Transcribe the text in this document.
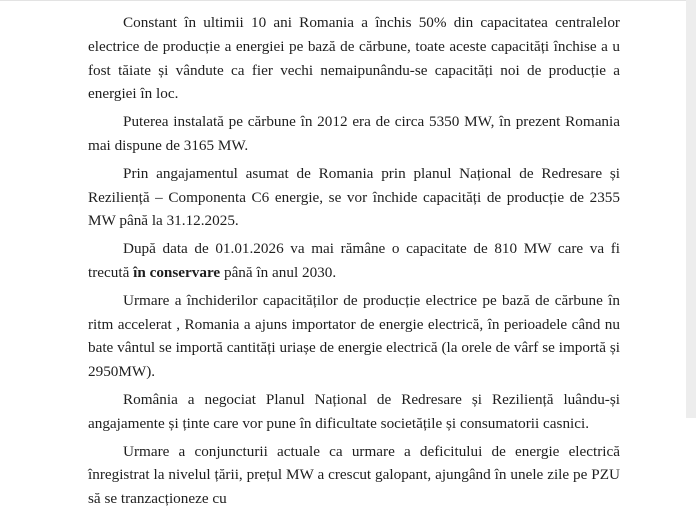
Constant în ultimii 10 ani Romania a închis 50% din capacitatea centralelor electrice de producție a energiei pe bază de cărbune, toate aceste capacități închise a u fost tăiate și vândute ca fier vechi nemaipunându-se capacități noi de producție a energiei în loc.

Puterea instalată pe cărbune în 2012 era de circa 5350 MW, în prezent Romania mai dispune de 3165 MW.

Prin angajamentul asumat de Romania prin planul Național de Redresare și Reziliență – Componenta C6 energie, se vor închide capacități de producție de 2355 MW până la 31.12.2025.

După data de 01.01.2026 va mai rămâne o capacitate de 810 MW care va fi trecută în conservare până în anul 2030.

Urmare a închiderilor capacităților de producție electrice pe bază de cărbune în ritm accelerat , Romania a ajuns importator de energie electrică, în perioadele când nu bate vântul se importă cantități uriașe de energie electrică (la orele de vârf se importă și 2950MW).

România a negociat Planul Național de Redresare și Reziliență luându-și angajamente și ținte care vor pune în dificultate societățile și consumatorii casnici.

Urmare a conjuncturii actuale ca urmare a deficitului de energie electrică înregistrat la nivelul țării, prețul MW a crescut galopant, ajungând în unele zile pe PZU să se tranzacționeze cu
